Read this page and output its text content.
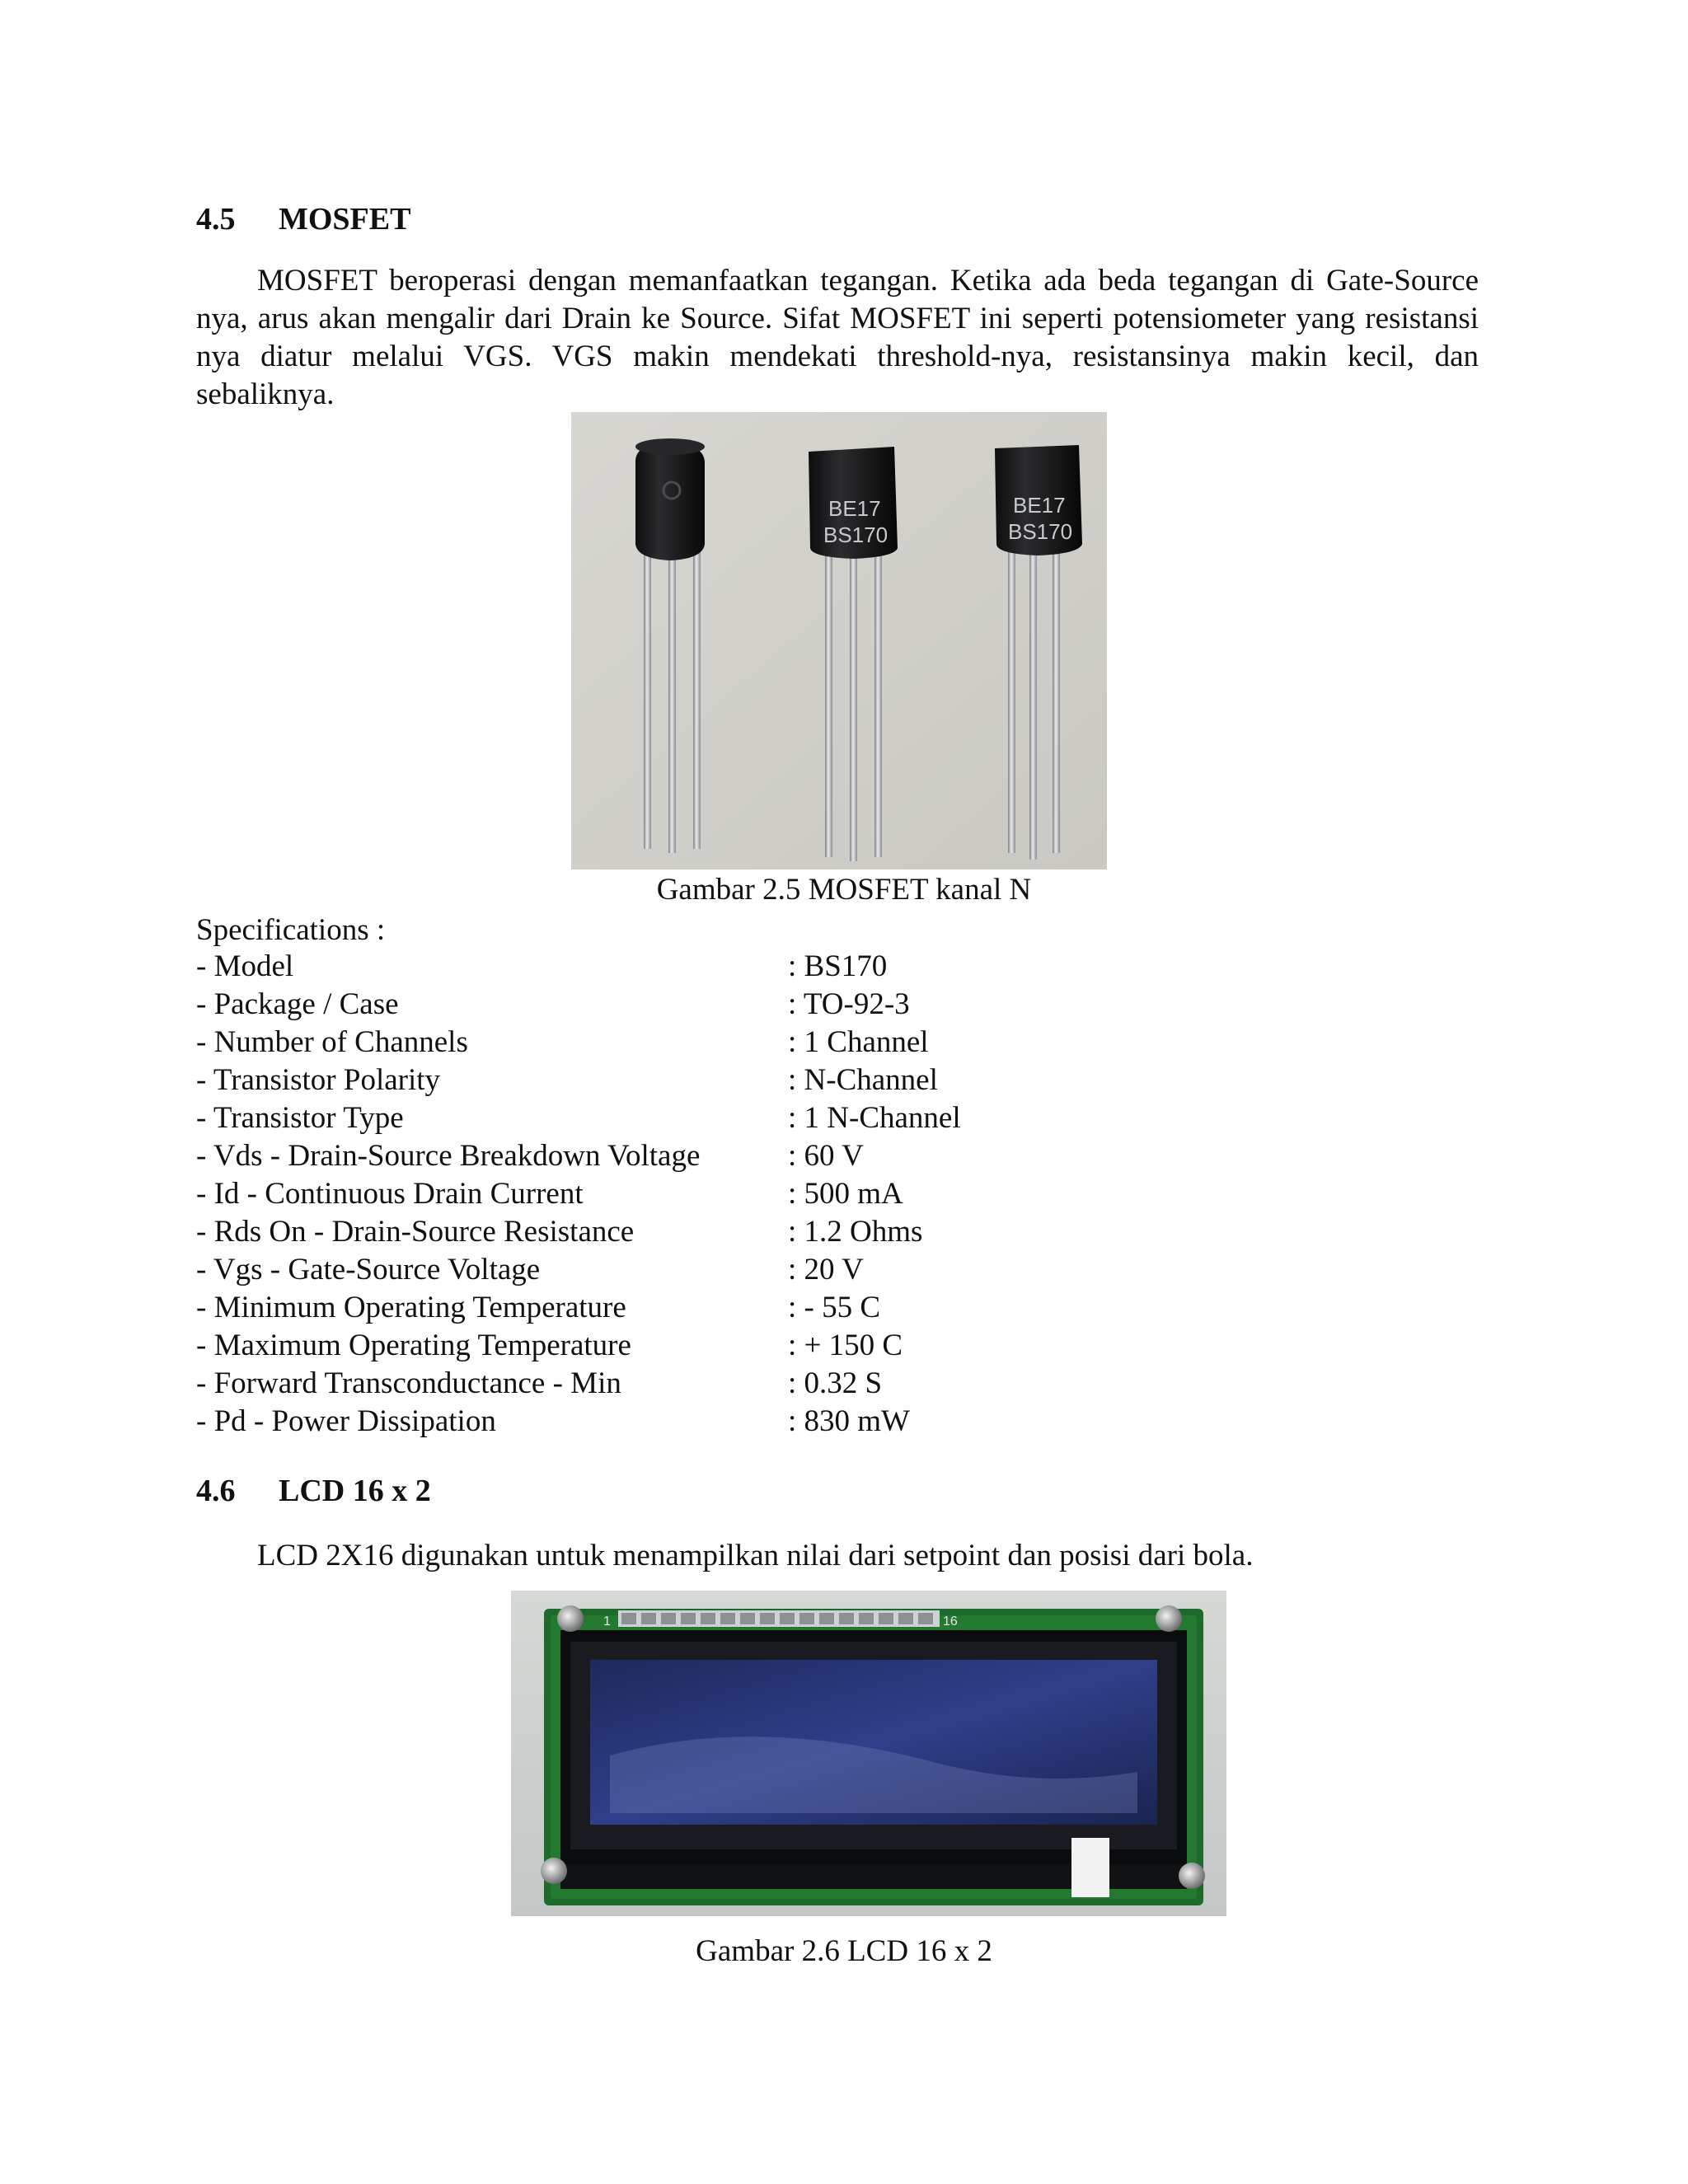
4.5 MOSFET

MOSFET beroperasi dengan memanfaatkan tegangan. Ketika ada beda tegangan di Gate-Source nya, arus akan mengalir dari Drain ke Source. Sifat MOSFET ini seperti potensiometer yang resistansi nya diatur melalui VGS. VGS makin mendekati threshold-nya, resistansinya makin kecil, dan sebaliknya.

BE17
BS170
BE17
BS170
Gambar 2.5 MOSFET kanal N
Specifications :
- Model	: BS170
- Package / Case	: TO-92-3
- Number of Channels	: 1 Channel
- Transistor Polarity	: N-Channel
- Transistor Type	: 1 N-Channel
- Vds - Drain-Source Breakdown Voltage	: 60 V
- Id - Continuous Drain Current	: 500 mA
- Rds On - Drain-Source Resistance	: 1.2 Ohms
- Vgs - Gate-Source Voltage	: 20 V
- Minimum Operating Temperature	: - 55 C
- Maximum Operating Temperature	: + 150 C
- Forward Transconductance - Min	: 0.32 S
- Pd - Power Dissipation	: 830 mW
4.6 LCD 16 x 2

LCD 2X16 digunakan untuk menampilkan nilai dari setpoint dan posisi dari bola.

1	16
Gambar 2.6 LCD 16 x 2
